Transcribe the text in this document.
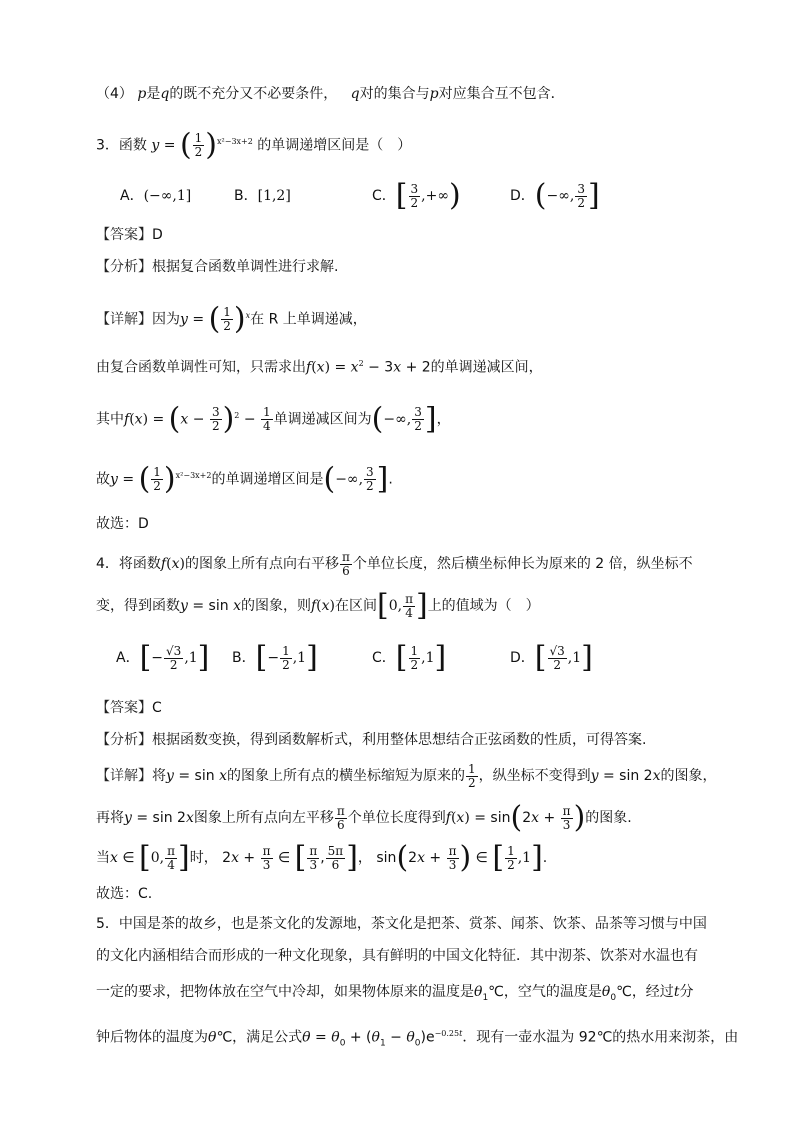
（4） p是q的既不充分又不必要条件， q对的集合与p对应集合互不包含．
3．函数 y = ( $\frac{1}{2} )^{x^2-3x+2}$ 的单调递增区间是（　）
A．(−∞,1]	B．[1,2]	C．[ $\frac{3}{2}$ ,+∞)	D．(−∞, $\frac{3}{2}$ ]
【答案】D
【分析】根据复合函数单调性进行求解.
【详解】因为y = ( $\frac{1}{2} )^x$在 R 上单调递减，
由复合函数单调性可知，只需求出$f(x) = x^2 - 3x + 2$的单调递减区间，
其中$f(x) = (x - \frac{3}{2} )^2 - \frac{1}{4}$ 单调递减区间为(−∞, $\frac{3}{2}$ ]，
故y = ( $\frac{1}{2} )^{x^2-3x+2}$的单调递增区间是(−∞, $\frac{3}{2}$ ].
故选：D
4．将函数f(x)的图象上所有点向右平移 $\frac{\pi}{6}$ 个单位长度，然后横坐标伸长为原来的 2 倍，纵坐标不
变，得到函数y = sin x的图象，则f(x)在区间[0, $\frac{\pi}{4}$ ]上的值域为（　）
A．[− $\frac{√3}{2} ,1$] B．[− $\frac{1}{2} ,1$]	C．[ $\frac{1}{2} ,1$]	D．[ $\frac{√3}{2} ,1$]
【答案】C
【分析】根据函数变换，得到函数解析式，利用整体思想结合正弦函数的性质，可得答案.
【详解】将y = sin x的图象上所有点的横坐标缩短为原来的 $\frac{1}{2}$ ，纵坐标不变得到y = sin 2x的图象，
再将y = sin 2x图象上所有点向左平移 $\frac{\pi}{6}$ 个单位长度得到$f(x) = \sin(2x + \frac{\pi}{3}$ )的图象.
当x ∈ [0, $\frac{\pi}{4}$ ]时， $2x + \frac{\pi}{3}$ ∈ [ $\frac{\pi}{3}$ , $\frac{5\pi}{6}$ ]， $\sin(2x + \frac{\pi}{3}$ ) ∈ [ $\frac{1}{2} ,1$].
故选：C.
5．中国是茶的故乡，也是茶文化的发源地，茶文化是把茶、赏茶、闻茶、饮茶、品茶等习惯与中国
的文化内涵相结合而形成的一种文化现象，具有鲜明的中国文化特征．其中沏茶、饮茶对水温也有
一定的要求，把物体放在空气中冷却，如果物体原来的温度是$\theta_1℃$，空气的温度是$\theta_0℃$，经过t分
钟后物体的温度为θ℃，满足公式$\theta = \theta_0 + (\theta_1 - \theta_0)e^{-0.25t}$．现有一壶水温为 92℃的热水用来沏茶，由
